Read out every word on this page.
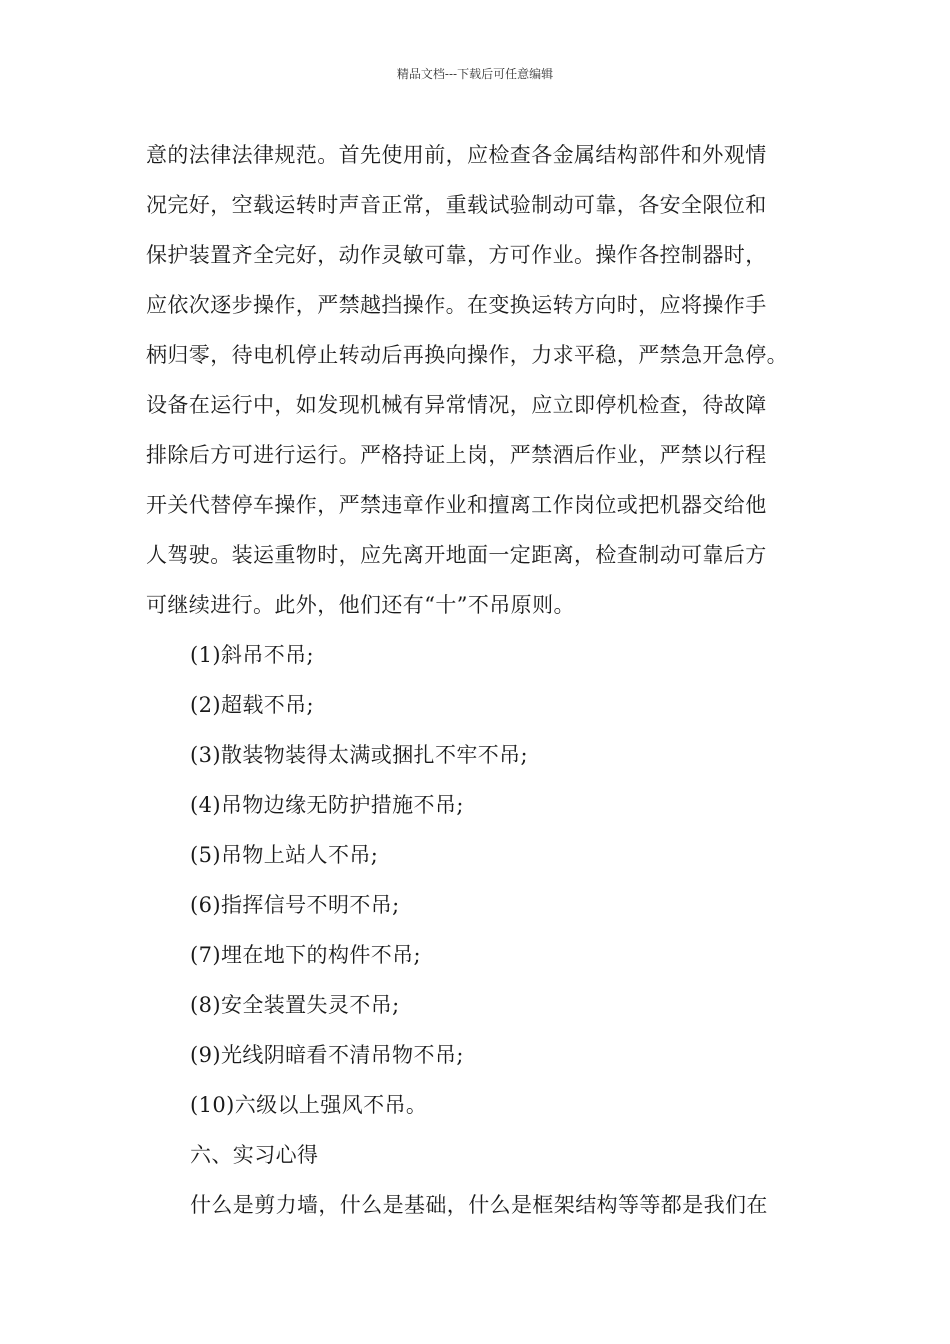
精品文档---下载后可任意编辑
意的法律法律规范。首先使用前，应检查各金属结构部件和外观情
况完好，空载运转时声音正常，重载试验制动可靠，各安全限位和
保护装置齐全完好，动作灵敏可靠，方可作业。操作各控制器时，
应依次逐步操作，严禁越挡操作。在变换运转方向时，应将操作手
柄归零，待电机停止转动后再换向操作，力求平稳，严禁急开急停。
设备在运行中，如发现机械有异常情况，应立即停机检查，待故障
排除后方可进行运行。严格持证上岗，严禁酒后作业，严禁以行程
开关代替停车操作，严禁违章作业和擅离工作岗位或把机器交给他
人驾驶。装运重物时，应先离开地面一定距离，检查制动可靠后方
可继续进行。此外，他们还有“十”不吊原则。
(1)斜吊不吊;
(2)超载不吊;
(3)散装物装得太满或捆扎不牢不吊;
(4)吊物边缘无防护措施不吊;
(5)吊物上站人不吊;
(6)指挥信号不明不吊;
(7)埋在地下的构件不吊;
(8)安全装置失灵不吊;
(9)光线阴暗看不清吊物不吊;
(10)六级以上强风不吊。
六、实习心得
什么是剪力墙，什么是基础，什么是框架结构等等都是我们在
